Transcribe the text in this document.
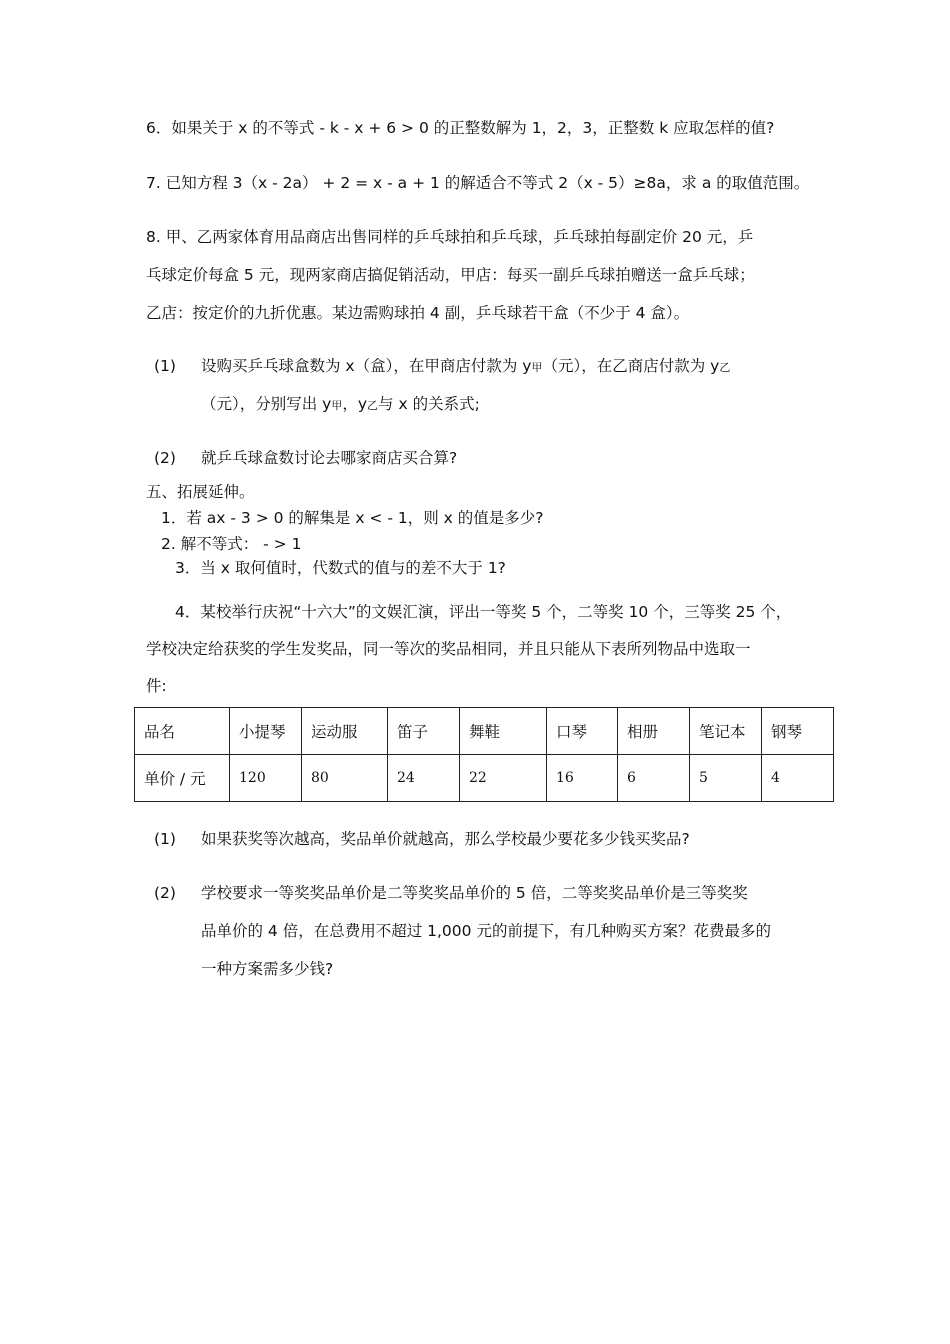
6．如果关于 x 的不等式 - k - x + 6 > 0 的正整数解为 1，2，3，正整数 k 应取怎样的值?
7. 已知方程 3（x - 2a） + 2 = x - a + 1 的解适合不等式 2（x - 5）≥8a，求 a 的取值范围。
8. 甲、乙两家体育用品商店出售同样的乒乓球拍和乒乓球，乒乓球拍每副定价 20 元，乒
乓球定价每盒 5 元，现两家商店搞促销活动，甲店：每买一副乒乓球拍赠送一盒乒乓球；
乙店：按定价的九折优惠。某边需购球拍 4 副，乒乓球若干盒（不少于 4 盒）。
(1) 设购买乒乓球盒数为 x（盒），在甲商店付款为 y甲（元），在乙商店付款为 y乙
（元），分别写出 y甲，y乙与 x 的关系式;
(2) 就乒乓球盒数讨论去哪家商店买合算?
五、拓展延伸。
1．若 ax - 3 > 0 的解集是 x < - 1，则 x 的值是多少?
2. 解不等式： - > 1
3．当 x 取何值时，代数式的值与的差不大于 1?
4．某校举行庆祝“十六大”的文娱汇演，评出一等奖 5 个，二等奖 10 个，三等奖 25 个，
学校决定给获奖的学生发奖品，同一等次的奖品相同，并且只能从下表所列物品中选取一
件:
品名	小提琴	运动服	笛子	舞鞋	口琴	相册	笔记本	钢琴
单价 / 元	120	80	24	22	16	6	5	4
(1) 如果获奖等次越高，奖品单价就越高，那么学校最少要花多少钱买奖品?
(2) 学校要求一等奖奖品单价是二等奖奖品单价的 5 倍，二等奖奖品单价是三等奖奖
品单价的 4 倍，在总费用不超过 1,000 元的前提下，有几种购买方案？花费最多的
一种方案需多少钱?
